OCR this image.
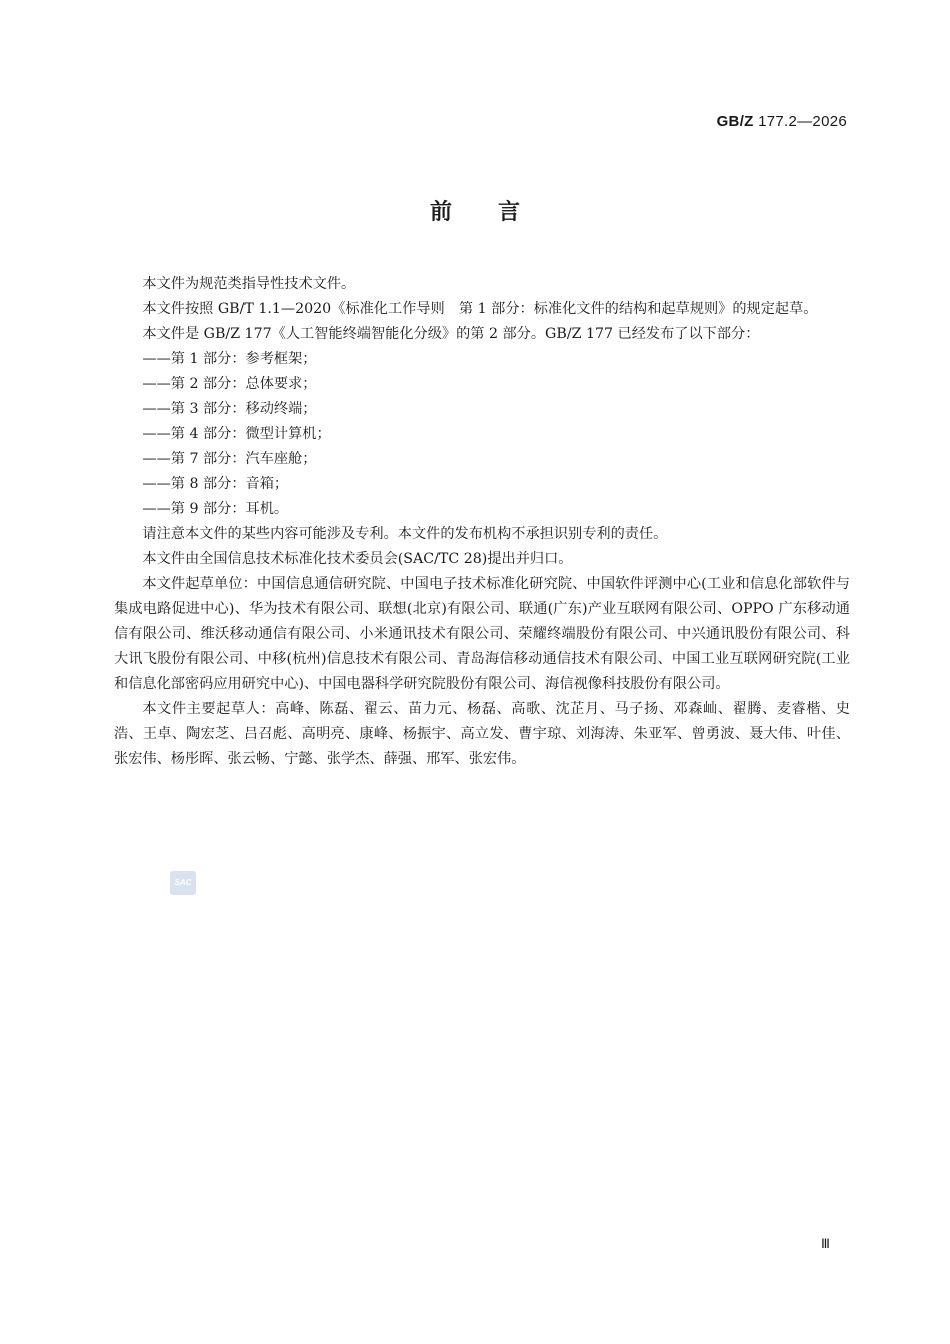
GB/Z 177.2—2026
前言

本文件为规范类指导性技术文件。

本文件按照 GB/T 1.1—2020《标准化工作导则　第 1 部分：标准化文件的结构和起草规则》的规定起草。

本文件是 GB/Z 177《人工智能终端智能化分级》的第 2 部分。GB/Z 177 已经发布了以下部分：

——第 1 部分：参考框架；
——第 2 部分：总体要求；
——第 3 部分：移动终端；
——第 4 部分：微型计算机；
——第 7 部分：汽车座舱；
——第 8 部分：音箱；
——第 9 部分：耳机。

请注意本文件的某些内容可能涉及专利。本文件的发布机构不承担识别专利的责任。

本文件由全国信息技术标准化技术委员会(SAC/TC 28)提出并归口。

本文件起草单位：中国信息通信研究院、中国电子技术标准化研究院、中国软件评测中心(工业和信息化部软件与集成电路促进中心)、华为技术有限公司、联想(北京)有限公司、联通(广东)产业互联网有限公司、OPPO 广东移动通信有限公司、维沃移动通信有限公司、小米通讯技术有限公司、荣耀终端股份有限公司、中兴通讯股份有限公司、科大讯飞股份有限公司、中移(杭州)信息技术有限公司、青岛海信移动通信技术有限公司、中国工业互联网研究院(工业和信息化部密码应用研究中心)、中国电器科学研究院股份有限公司、海信视像科技股份有限公司。

本文件主要起草人：高峰、陈磊、翟云、苗力元、杨磊、高歌、沈芷月、马子扬、邓森屾、翟腾、麦睿楷、史浩、王卓、陶宏芝、吕召彪、高明亮、康峰、杨振宇、高立发、曹宇琼、刘海涛、朱亚军、曾勇波、聂大伟、叶佳、张宏伟、杨彤晖、张云畅、宁懿、张学杰、薛强、邢军、张宏伟。

SAC
Ⅲ
